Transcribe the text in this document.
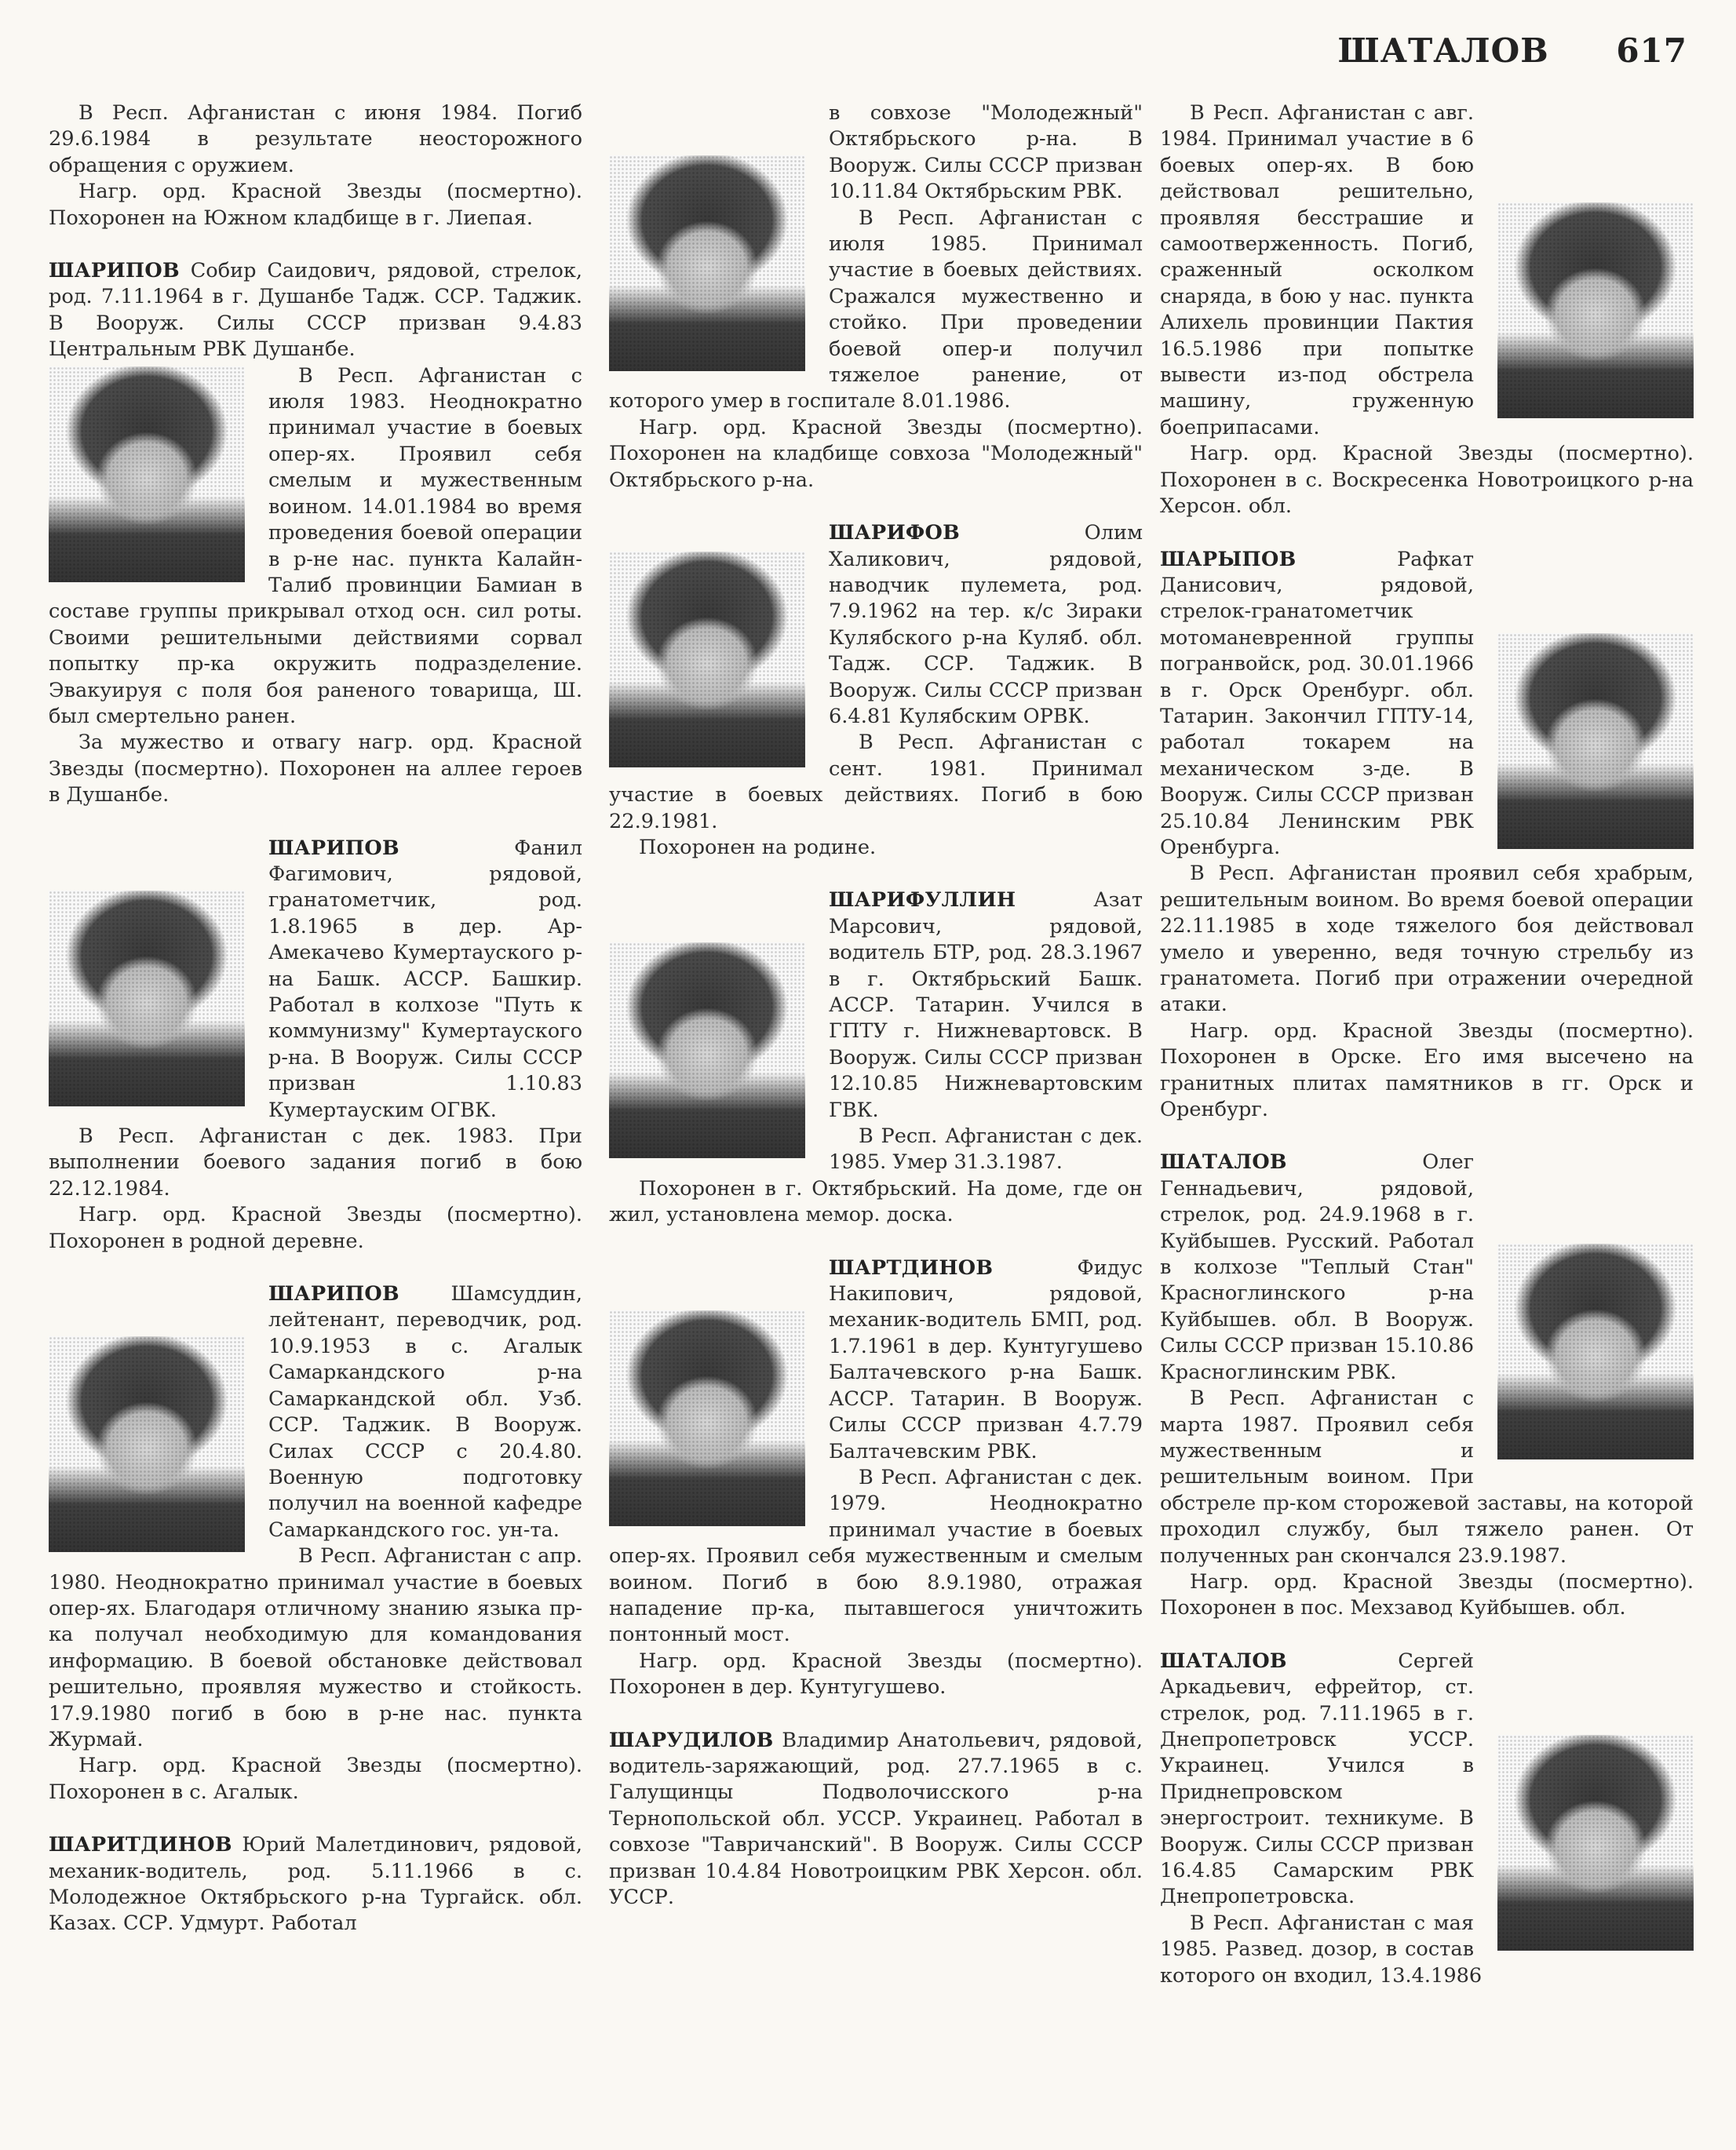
ШАТАЛОВ 617

В Респ. Афганистан с июня 1984. Погиб 29.6.1984 в результате неосторожного обращения с оружием.

Нагр. орд. Красной Звезды (посмертно). Похоронен на Южном кладбище в г. Лиепая.

ШАРИПОВ Собир Саидович, рядовой, стрелок, род. 7.11.1964 в г. Душанбе Тадж. ССР. Таджик. В Вооруж. Силы СССР призван 9.4.83 Центральным РВК Душанбе.

В Респ. Афганистан с июля 1983. Неоднократно принимал участие в боевых опер-ях. Проявил себя смелым и мужественным воином. 14.01.1984 во время проведения боевой операции в р-не нас. пункта Калайн-Талиб провинции Бамиан в составе группы прикрывал отход осн. сил роты. Своими решительными действиями сорвал попытку пр-ка окружить подразделение. Эвакуируя с поля боя раненого товарища, Ш. был смертельно ранен.

За мужество и отвагу нагр. орд. Красной Звезды (посмертно). Похоронен на аллее героев в Душанбе.

ШАРИПОВ	Фанил Фагимович, рядовой, гранатометчик, род. 1.8.1965 в дер. Ар-Амекачево Кумертауского р-на Башк. АССР. Башкир. Работал в колхозе "Путь к коммунизму" Кумертауского р-на. В Вооруж. Силы СССР призван 1.10.83 Кумертауским ОГВК.

В Респ. Афганистан с дек. 1983. При выполнении боевого задания погиб в бою 22.12.1984.

Нагр. орд. Красной Звезды (посмертно). Похоронен в родной деревне.

ШАРИПОВ	Шамсуддин, лейтенант, переводчик, род. 10.9.1953 в с. Агалык Самаркандского р-на Самаркандской обл. Узб. ССР. Таджик. В Вооруж. Силах СССР с 20.4.80. Военную подготовку получил на военной кафедре Самаркандского гос. ун-та.

В Респ. Афганистан с апр. 1980. Неоднократно принимал участие в боевых опер-ях. Благодаря отличному знанию языка пр-ка получал необходимую для командования информацию. В боевой обстановке действовал решительно, проявляя мужество и стойкость. 17.9.1980 погиб в бою в р-не нас. пункта Журмай.

Нагр. орд. Красной Звезды (посмертно). Похоронен в с. Агалык.

ШАРИТДИНОВ Юрий Малетдинович, рядовой, механик-водитель, род. 5.11.1966 в с. Молодежное Октябрьского р-на Тургайск. обл. Казах. ССР. Удмурт. Работал

в совхозе "Молодежный" Октябрьского р-на. В Вооруж. Силы СССР призван 10.11.84 Октябрьским РВК.

В Респ. Афганистан с июля 1985. Принимал участие в боевых действиях. Сражался мужественно и стойко. При проведении боевой опер-и получил тяжелое ранение, от которого умер в госпитале 8.01.1986.

Нагр. орд. Красной Звезды (посмертно). Похоронен на кладбище совхоза "Молодежный" Октябрьского р-на.

ШАРИФОВ	Олим Халикович, рядовой, наводчик пулемета, род. 7.9.1962 на тер. к/с Зираки Кулябского р-на Куляб. обл. Тадж. ССР. Таджик. В Вооруж. Силы СССР призван 6.4.81 Кулябским ОРВК.

В Респ. Афганистан с сент. 1981. Принимал участие в боевых действиях. Погиб в бою 22.9.1981.

Похоронен на родине.

ШАРИФУЛЛИН	Азат Марсович, рядовой, водитель БТР, род. 28.3.1967 в г. Октябрьский Башк. АССР. Татарин. Учился в ГПТУ г. Нижневартовск. В Вооруж. Силы СССР призван 12.10.85 Нижневартовским ГВК.

В Респ. Афганистан с дек. 1985. Умер 31.3.1987.

Похоронен в г. Октябрьский. На доме, где он жил, установлена мемор. доска.

ШАРТДИНОВ	Фидус Накипович, рядовой, механик-водитель БМП, род. 1.7.1961 в дер. Кунтугушево Балтачевского р-на Башк. АССР. Татарин. В Вооруж. Силы СССР призван 4.7.79 Балтачевским РВК.

В Респ. Афганистан с дек. 1979. Неоднократно принимал участие в боевых опер-ях. Проявил себя мужественным и смелым воином. Погиб в бою 8.9.1980, отражая нападение пр-ка, пытавшегося уничтожить понтонный мост.

Нагр. орд. Красной Звезды (посмертно). Похоронен в дер. Кунтугушево.

ШАРУДИЛОВ Владимир Анатольевич, рядовой, водитель-заряжающий, род. 27.7.1965 в с. Галущинцы Подволочисского р-на Тернопольской обл. УССР. Украинец. Работал в совхозе "Тавричанский". В Вооруж. Силы СССР призван 10.4.84 Новотроицким РВК Херсон. обл. УССР.

В Респ. Афганистан с авг. 1984. Принимал участие в 6 боевых опер-ях. В бою действовал решительно, проявляя бесстрашие и самоотверженность. Погиб, сраженный осколком снаряда, в бою у нас. пункта Алихель провинции Пактия 16.5.1986 при попытке вывести из-под обстрела машину, груженную боеприпасами.

Нагр. орд. Красной Звезды (посмертно). Похоронен в с. Воскресенка Новотроицкого р-на Херсон. обл.

ШАРЫПОВ	Рафкат Данисович, рядовой, стрелок-гранатометчик мотоманевренной группы погранвойск, род. 30.01.1966 в г. Орск Оренбург. обл. Татарин. Закончил ГПТУ-14, работал токарем на механическом з-де. В Вооруж. Силы СССР призван 25.10.84 Ленинским РВК Оренбурга.

В Респ. Афганистан проявил себя храбрым, решительным воином. Во время боевой операции 22.11.1985 в ходе тяжелого боя действовал умело и уверенно, ведя точную стрельбу из гранатомета. Погиб при отражении очередной атаки.

Нагр. орд. Красной Звезды (посмертно). Похоронен в Орске. Его имя высечено на гранитных плитах памятников в гг. Орск и Оренбург.

ШАТАЛОВ	Олег Геннадьевич, рядовой, стрелок, род. 24.9.1968 в г. Куйбышев. Русский. Работал в колхозе "Теплый Стан" Красноглинского р-на Куйбышев. обл. В Вооруж. Силы СССР призван 15.10.86 Красноглинским РВК.

В Респ. Афганистан с марта 1987. Проявил себя мужественным и решительным воином. При обстреле пр-ком сторожевой заставы, на которой проходил службу, был тяжело ранен. От полученных ран скончался 23.9.1987.

Нагр. орд. Красной Звезды (посмертно). Похоронен в пос. Мехзавод Куйбышев. обл.

ШАТАЛОВ	Сергей Аркадьевич, ефрейтор, ст. стрелок, род. 7.11.1965 в г. Днепропетровск УССР. Украинец. Учился в Приднепровском энергостроит. техникуме. В Вооруж. Силы СССР призван 16.4.85 Самарским РВК Днепропетровска.

В Респ. Афганистан с мая 1985. Развед. дозор, в состав которого он входил, 13.4.1986
